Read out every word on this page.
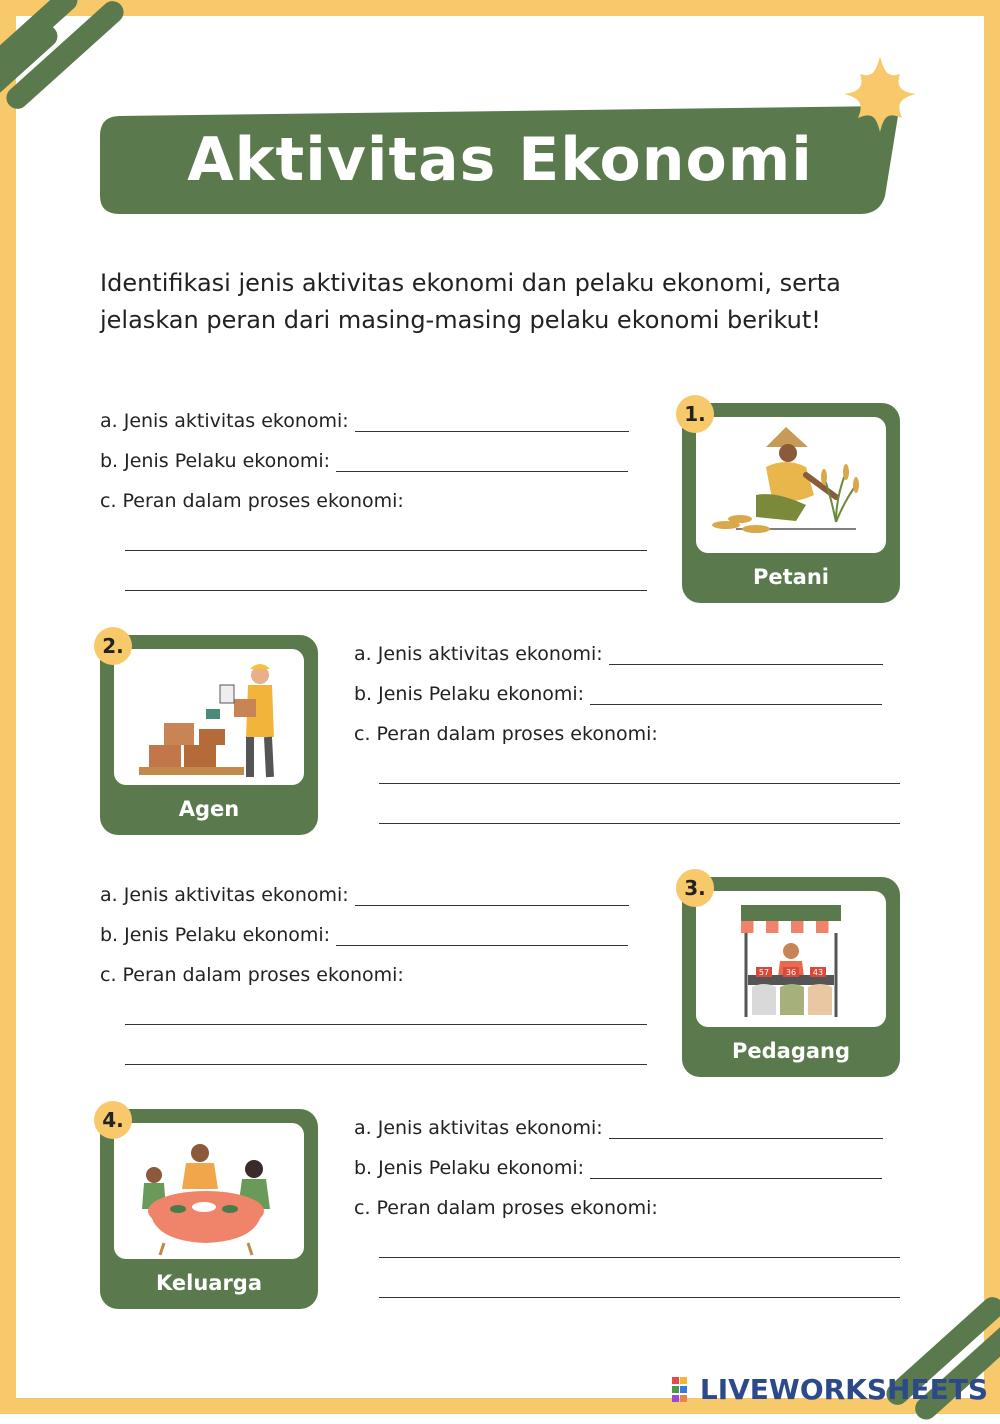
Aktivitas Ekonomi
Identifikasi jenis aktivitas ekonomi dan pelaku ekonomi, serta jelaskan peran dari masing-masing pelaku ekonomi berikut!
a. Jenis aktivitas ekonomi:
b. Jenis Pelaku ekonomi:
c. Peran dalam proses ekonomi:
1.
Petani
2.
Agen
a. Jenis aktivitas ekonomi:
b. Jenis Pelaku ekonomi:
c. Peran dalam proses ekonomi:
a. Jenis aktivitas ekonomi:
b. Jenis Pelaku ekonomi:
c. Peran dalam proses ekonomi:	57 36 43
3.
Pedagang
4.
Keluarga
a. Jenis aktivitas ekonomi:
b. Jenis Pelaku ekonomi:
c. Peran dalam proses ekonomi:
LIVEWORKSHEETS
